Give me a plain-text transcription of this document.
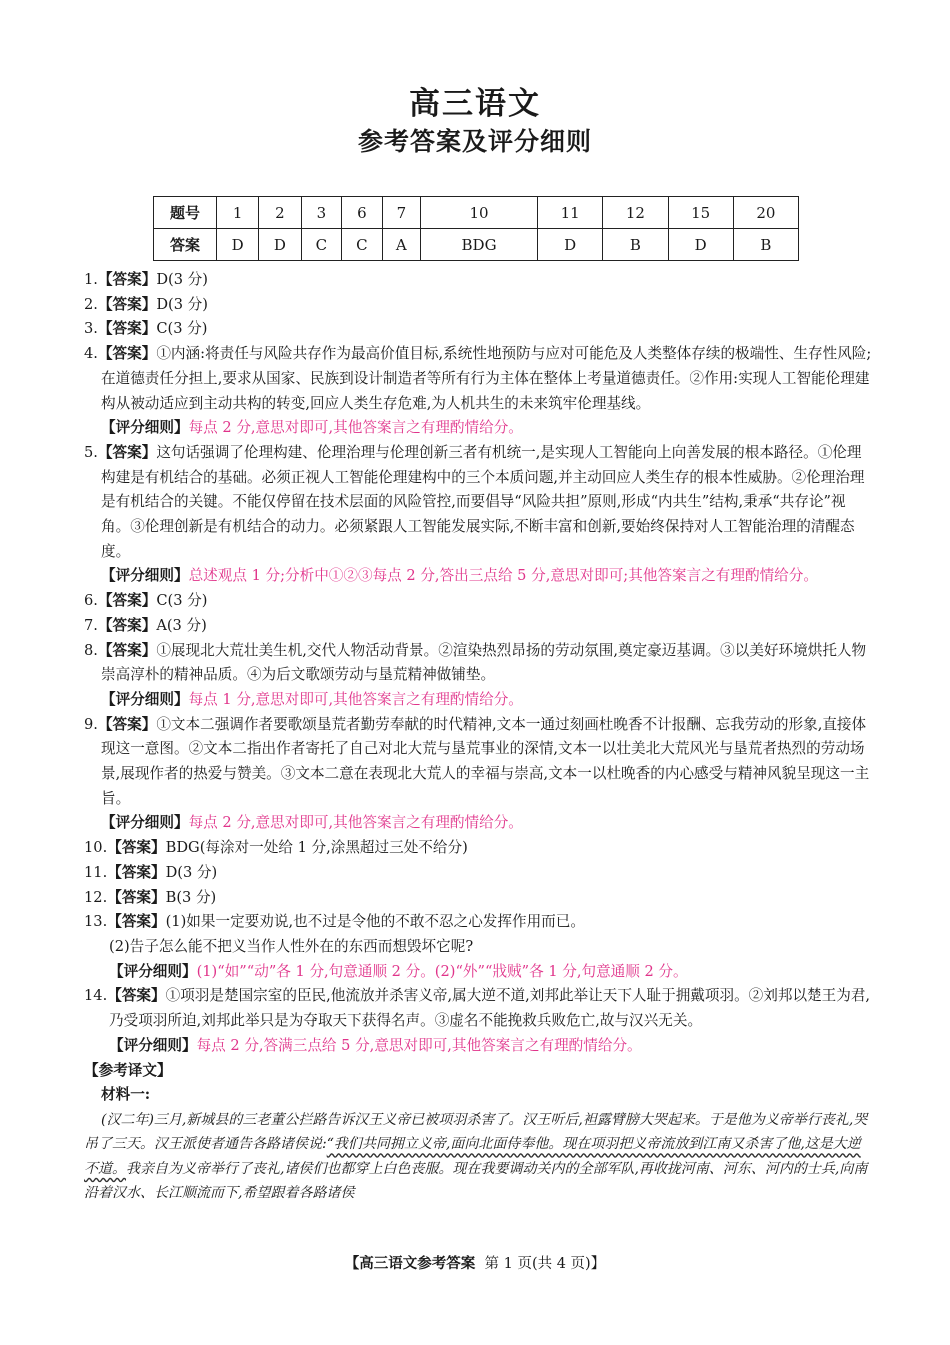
高三语文
参考答案及评分细则
题号	1	2	3	6	7	10	11	12	15	20
答案	D	D	C	C	A	BDG	D	B	D	B

1.【答案】D(3 分)

2.【答案】D(3 分)

3.【答案】C(3 分)

4.【答案】①内涵:将责任与风险共存作为最高价值目标,系统性地预防与应对可能危及人类整体存续的极端性、生存性风险;在道德责任分担上,要求从国家、民族到设计制造者等所有行为主体在整体上考量道德责任。②作用:实现人工智能伦理建构从被动适应到主动共构的转变,回应人类生存危难,为人机共生的未来筑牢伦理基线。

【评分细则】每点 2 分,意思对即可,其他答案言之有理酌情给分。

5.【答案】这句话强调了伦理构建、伦理治理与伦理创新三者有机统一,是实现人工智能向上向善发展的根本路径。①伦理构建是有机结合的基础。必须正视人工智能伦理建构中的三个本质问题,并主动回应人类生存的根本性威胁。②伦理治理是有机结合的关键。不能仅停留在技术层面的风险管控,而要倡导“风险共担”原则,形成“内共生”结构,秉承“共存论”视角。③伦理创新是有机结合的动力。必须紧跟人工智能发展实际,不断丰富和创新,要始终保持对人工智能治理的清醒态度。

【评分细则】总述观点 1 分;分析中①②③每点 2 分,答出三点给 5 分,意思对即可;其他答案言之有理酌情给分。

6.【答案】C(3 分)

7.【答案】A(3 分)

8.【答案】①展现北大荒壮美生机,交代人物活动背景。②渲染热烈昂扬的劳动氛围,奠定豪迈基调。③以美好环境烘托人物崇高淳朴的精神品质。④为后文歌颂劳动与垦荒精神做铺垫。

【评分细则】每点 1 分,意思对即可,其他答案言之有理酌情给分。

9.【答案】①文本二强调作者要歌颂垦荒者勤劳奉献的时代精神,文本一通过刻画杜晚香不计报酬、忘我劳动的形象,直接体现这一意图。②文本二指出作者寄托了自己对北大荒与垦荒事业的深情,文本一以壮美北大荒风光与垦荒者热烈的劳动场景,展现作者的热爱与赞美。③文本二意在表现北大荒人的幸福与崇高,文本一以杜晚香的内心感受与精神风貌呈现这一主旨。

【评分细则】每点 2 分,意思对即可,其他答案言之有理酌情给分。

10.【答案】BDG(每涂对一处给 1 分,涂黑超过三处不给分)

11.【答案】D(3 分)

12.【答案】B(3 分)

13.【答案】(1)如果一定要劝说,也不过是令他的不敢不忍之心发挥作用而已。

(2)告子怎么能不把义当作人性外在的东西而想毁坏它呢?

【评分细则】(1)“如”“动”各 1 分,句意通顺 2 分。(2)“外”“戕贼”各 1 分,句意通顺 2 分。

14.【答案】①项羽是楚国宗室的臣民,他流放并杀害义帝,属大逆不道,刘邦此举让天下人耻于拥戴项羽。②刘邦以楚王为君,乃受项羽所迫,刘邦此举只是为夺取天下获得名声。③虚名不能挽救兵败危亡,故与汉兴无关。

【评分细则】每点 2 分,答满三点给 5 分,意思对即可,其他答案言之有理酌情给分。

【参考译文】

材料一:

(汉二年)三月,新城县的三老董公拦路告诉汉王义帝已被项羽杀害了。汉王听后,袒露臂膀大哭起来。于是他为义帝举行丧礼,哭吊了三天。汉王派使者通告各路诸侯说:“我们共同拥立义帝,面向北面侍奉他。现在项羽把义帝流放到江南又杀害了他,这是大逆不道。我亲自为义帝举行了丧礼,诸侯们也都穿上白色丧服。现在我要调动关内的全部军队,再收拢河南、河东、河内的士兵,向南沿着汉水、长江顺流而下,希望跟着各路诸侯

【高三语文参考答案 第 1 页(共 4 页)】
